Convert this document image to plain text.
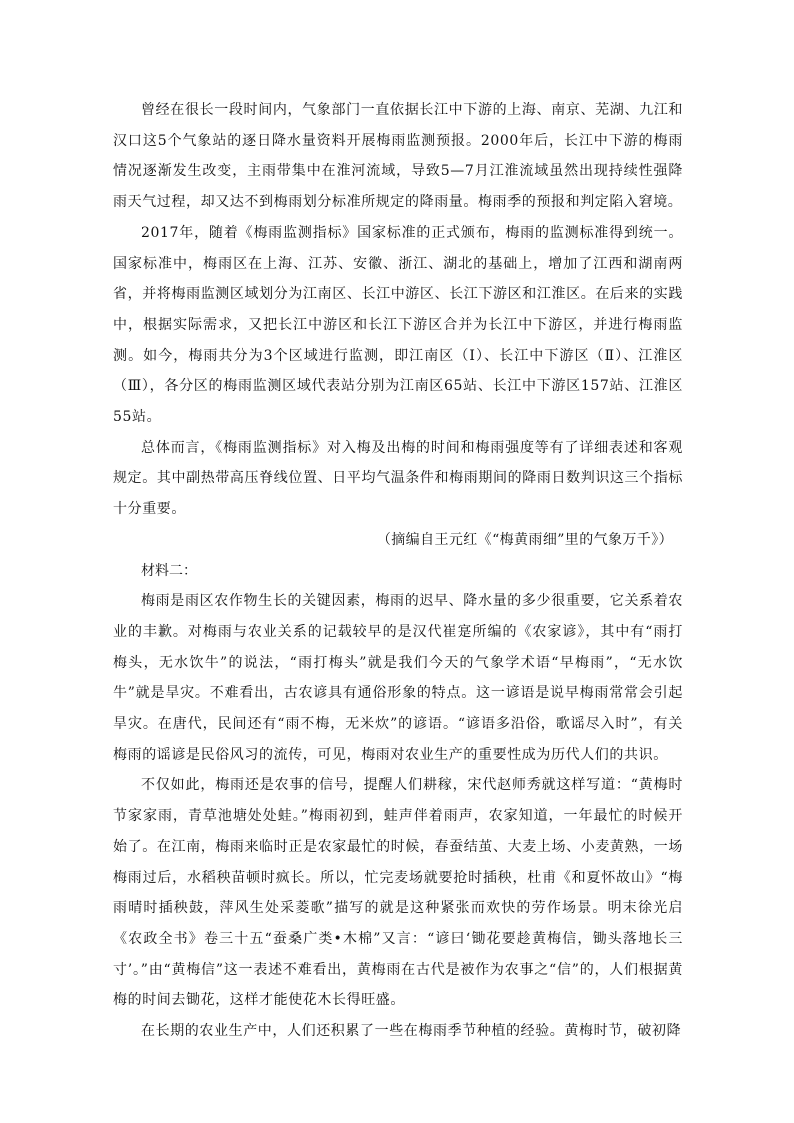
曾经在很长一段时间内，气象部门一直依据长江中下游的上海、南京、芜湖、九江和汉口这5个气象站的逐日降水量资料开展梅雨监测预报。2000年后，长江中下游的梅雨情况逐渐发生改变，主雨带集中在淮河流域，导致5—7月江淮流域虽然出现持续性强降雨天气过程，却又达不到梅雨划分标准所规定的降雨量。梅雨季的预报和判定陷入窘境。

2017年，随着《梅雨监测指标》国家标准的正式颁布，梅雨的监测标准得到统一。国家标准中，梅雨区在上海、江苏、安徽、浙江、湖北的基础上，增加了江西和湖南两省，并将梅雨监测区域划分为江南区、长江中游区、长江下游区和江淮区。在后来的实践中，根据实际需求，又把长江中游区和长江下游区合并为长江中下游区，并进行梅雨监测。如今，梅雨共分为3个区域进行监测，即江南区（Ⅰ）、长江中下游区（Ⅱ）、江淮区（Ⅲ），各分区的梅雨监测区域代表站分别为江南区65站、长江中下游区157站、江淮区55站。

总体而言，《梅雨监测指标》对入梅及出梅的时间和梅雨强度等有了详细表述和客观规定。其中副热带高压脊线位置、日平均气温条件和梅雨期间的降雨日数判识这三个指标十分重要。

（摘编自王元红《“梅黄雨细”里的气象万千》）

材料二：

梅雨是雨区农作物生长的关键因素，梅雨的迟早、降水量的多少很重要，它关系着农业的丰歉。对梅雨与农业关系的记载较早的是汉代崔寔所编的《农家谚》，其中有“雨打梅头，无水饮牛”的说法，“雨打梅头”就是我们今天的气象学术语“早梅雨”，“无水饮牛”就是旱灾。不难看出，古农谚具有通俗形象的特点。这一谚语是说早梅雨常常会引起旱灾。在唐代，民间还有“雨不梅，无米炊”的谚语。“谚语多沿俗，歌谣尽入时”，有关梅雨的谣谚是民俗风习的流传，可见，梅雨对农业生产的重要性成为历代人们的共识。

不仅如此，梅雨还是农事的信号，提醒人们耕稼，宋代赵师秀就这样写道：“黄梅时节家家雨，青草池塘处处蛙。”梅雨初到，蛙声伴着雨声，农家知道，一年最忙的时候开始了。在江南，梅雨来临时正是农家最忙的时候，春蚕结茧、大麦上场、小麦黄熟，一场梅雨过后，水稻秧苗顿时疯长。所以，忙完麦场就要抢时插秧，杜甫《和夏怀故山》“梅雨晴时插秧鼓，萍风生处采菱歌”描写的就是这种紧张而欢快的劳作场景。明末徐光启《农政全书》卷三十五“蚕桑广类•木棉”又言：“谚曰‘锄花要趁黄梅信，锄头落地长三寸’。”由“黄梅信”这一表述不难看出，黄梅雨在古代是被作为农事之“信”的，人们根据黄梅的时间去锄花，这样才能使花木长得旺盛。

在长期的农业生产中，人们还积累了一些在梅雨季节种植的经验。黄梅时节，破初降
